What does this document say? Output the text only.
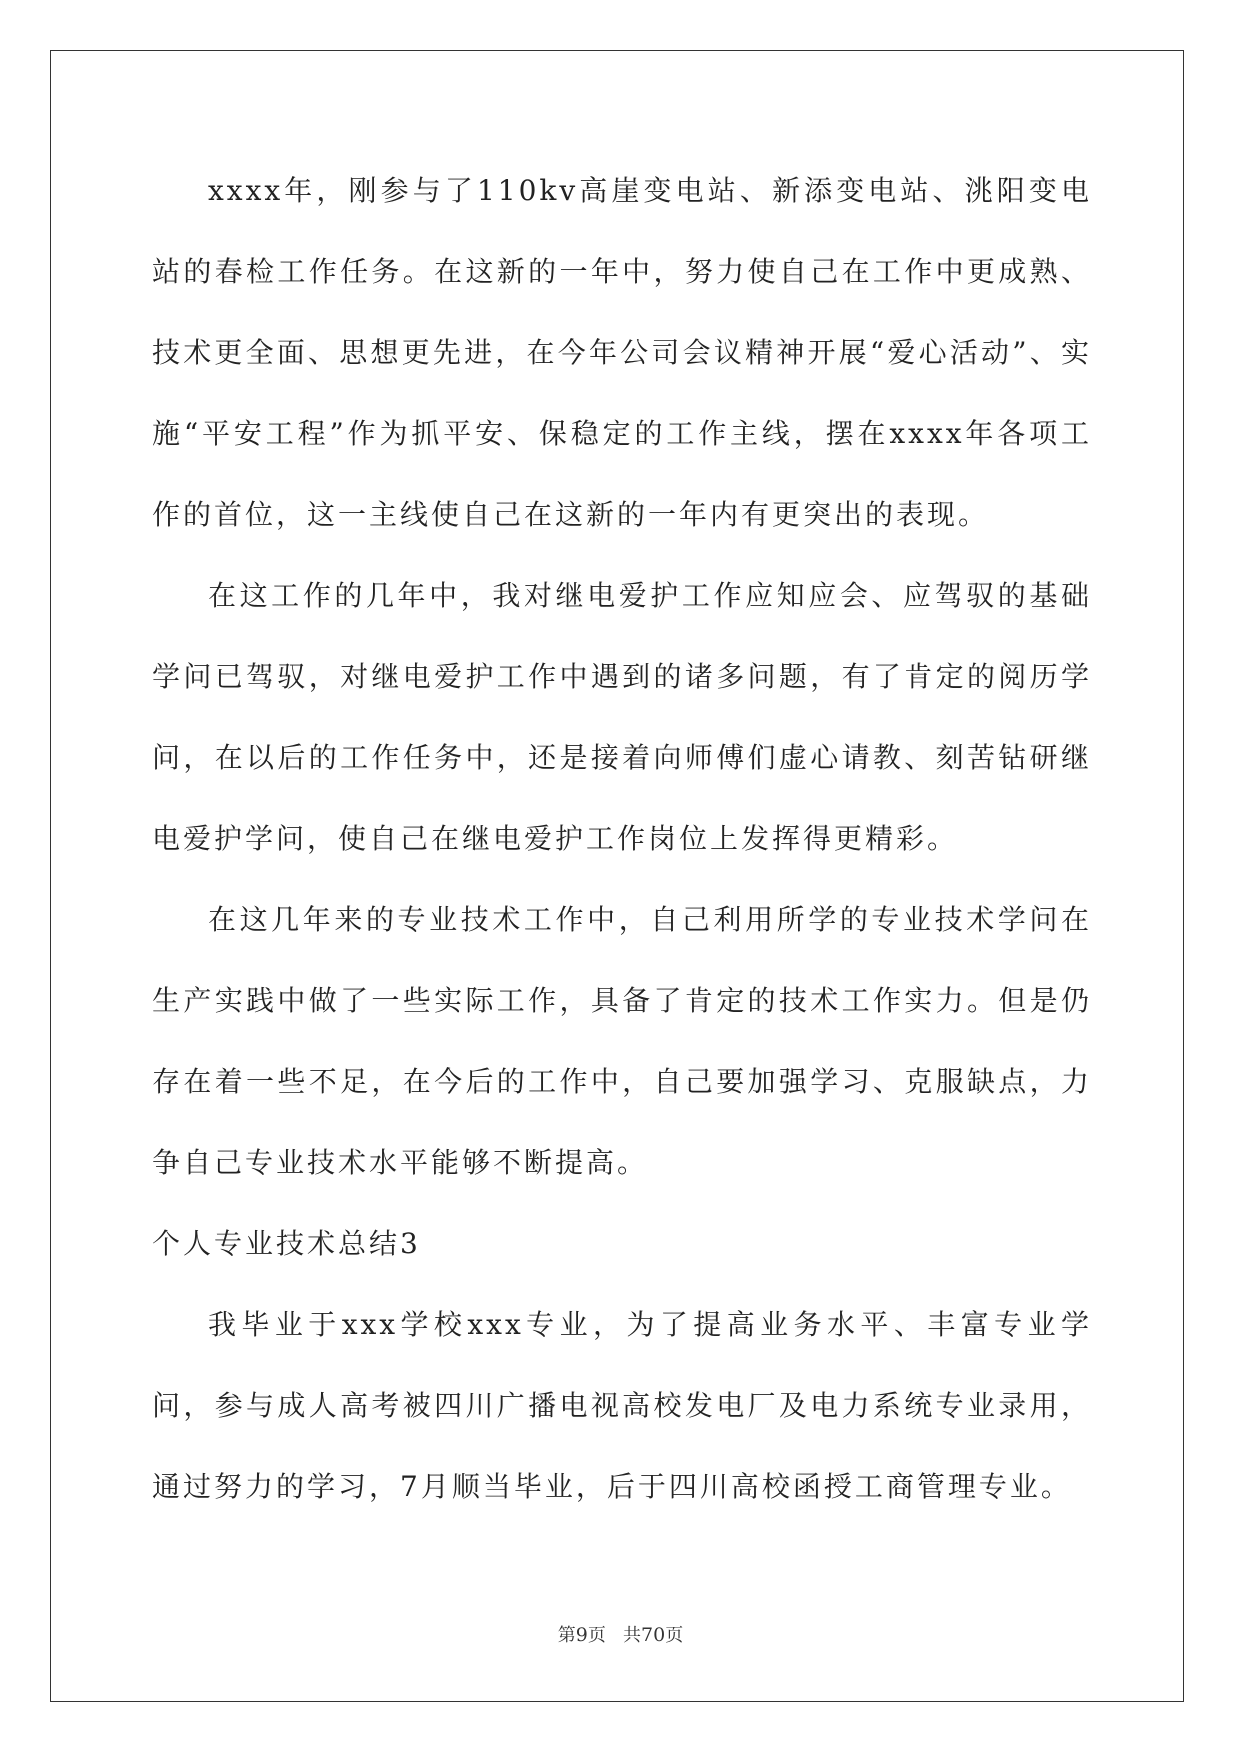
xxxx年，刚参与了110kv高崖变电站、新添变电站、洮阳变电站的春检工作任务。在这新的一年中，努力使自己在工作中更成熟、技术更全面、思想更先进，在今年公司会议精神开展“爱心活动”、实施“平安工程”作为抓平安、保稳定的工作主线，摆在xxxx年各项工作的首位，这一主线使自己在这新的一年内有更突出的表现。

在这工作的几年中，我对继电爱护工作应知应会、应驾驭的基础学问已驾驭，对继电爱护工作中遇到的诸多问题，有了肯定的阅历学问，在以后的工作任务中，还是接着向师傅们虚心请教、刻苦钻研继电爱护学问，使自己在继电爱护工作岗位上发挥得更精彩。

在这几年来的专业技术工作中，自己利用所学的专业技术学问在生产实践中做了一些实际工作，具备了肯定的技术工作实力。但是仍存在着一些不足，在今后的工作中，自己要加强学习、克服缺点，力争自己专业技术水平能够不断提高。

个人专业技术总结3

我毕业于xxx学校xxx专业，为了提高业务水平、丰富专业学问，参与成人高考被四川广播电视高校发电厂及电力系统专业录用，通过努力的学习，7月顺当毕业，后于四川高校函授工商管理专业。

第9页 共70页
